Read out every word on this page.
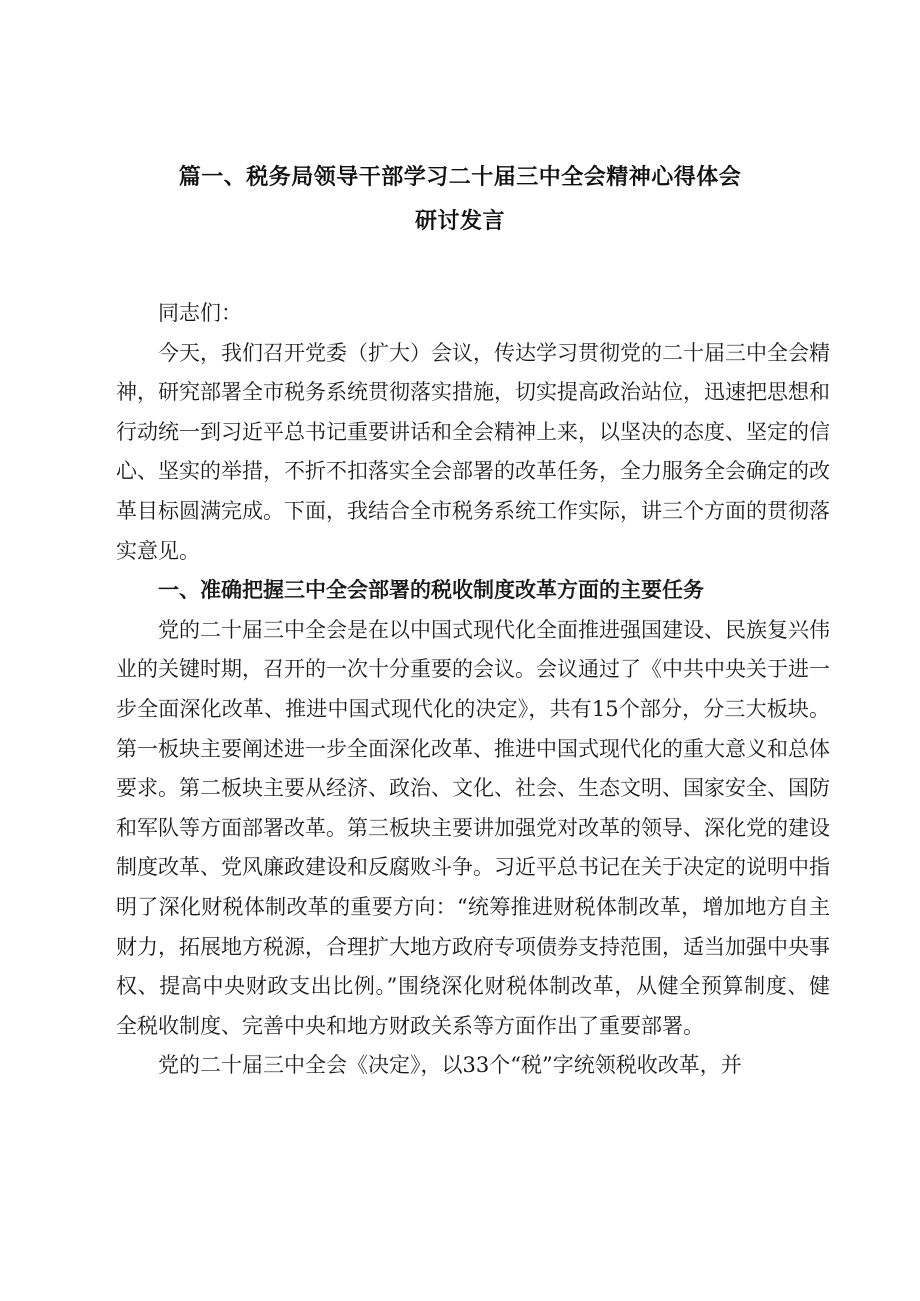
篇一、税务局领导干部学习二十届三中全会精神心得体会
研讨发言

同志们：

今天，我们召开党委（扩大）会议，传达学习贯彻党的二十届三中全会精神，研究部署全市税务系统贯彻落实措施，切实提高政治站位，迅速把思想和行动统一到习近平总书记重要讲话和全会精神上来，以坚决的态度、坚定的信心、坚实的举措，不折不扣落实全会部署的改革任务，全力服务全会确定的改革目标圆满完成。下面，我结合全市税务系统工作实际，讲三个方面的贯彻落实意见。

一、准确把握三中全会部署的税收制度改革方面的主要任务

党的二十届三中全会是在以中国式现代化全面推进强国建设、民族复兴伟业的关键时期，召开的一次十分重要的会议。会议通过了《中共中央关于进一步全面深化改革、推进中国式现代化的决定》，共有15个部分，分三大板块。第一板块主要阐述进一步全面深化改革、推进中国式现代化的重大意义和总体要求。第二板块主要从经济、政治、文化、社会、生态文明、国家安全、国防和军队等方面部署改革。第三板块主要讲加强党对改革的领导、深化党的建设制度改革、党风廉政建设和反腐败斗争。习近平总书记在关于决定的说明中指明了深化财税体制改革的重要方向：“统筹推进财税体制改革，增加地方自主财力，拓展地方税源，合理扩大地方政府专项债券支持范围，适当加强中央事权、提高中央财政支出比例。”围绕深化财税体制改革，从健全预算制度、健全税收制度、完善中央和地方财政关系等方面作出了重要部署。

党的二十届三中全会《决定》，以33个“税”字统领税收改革，并
